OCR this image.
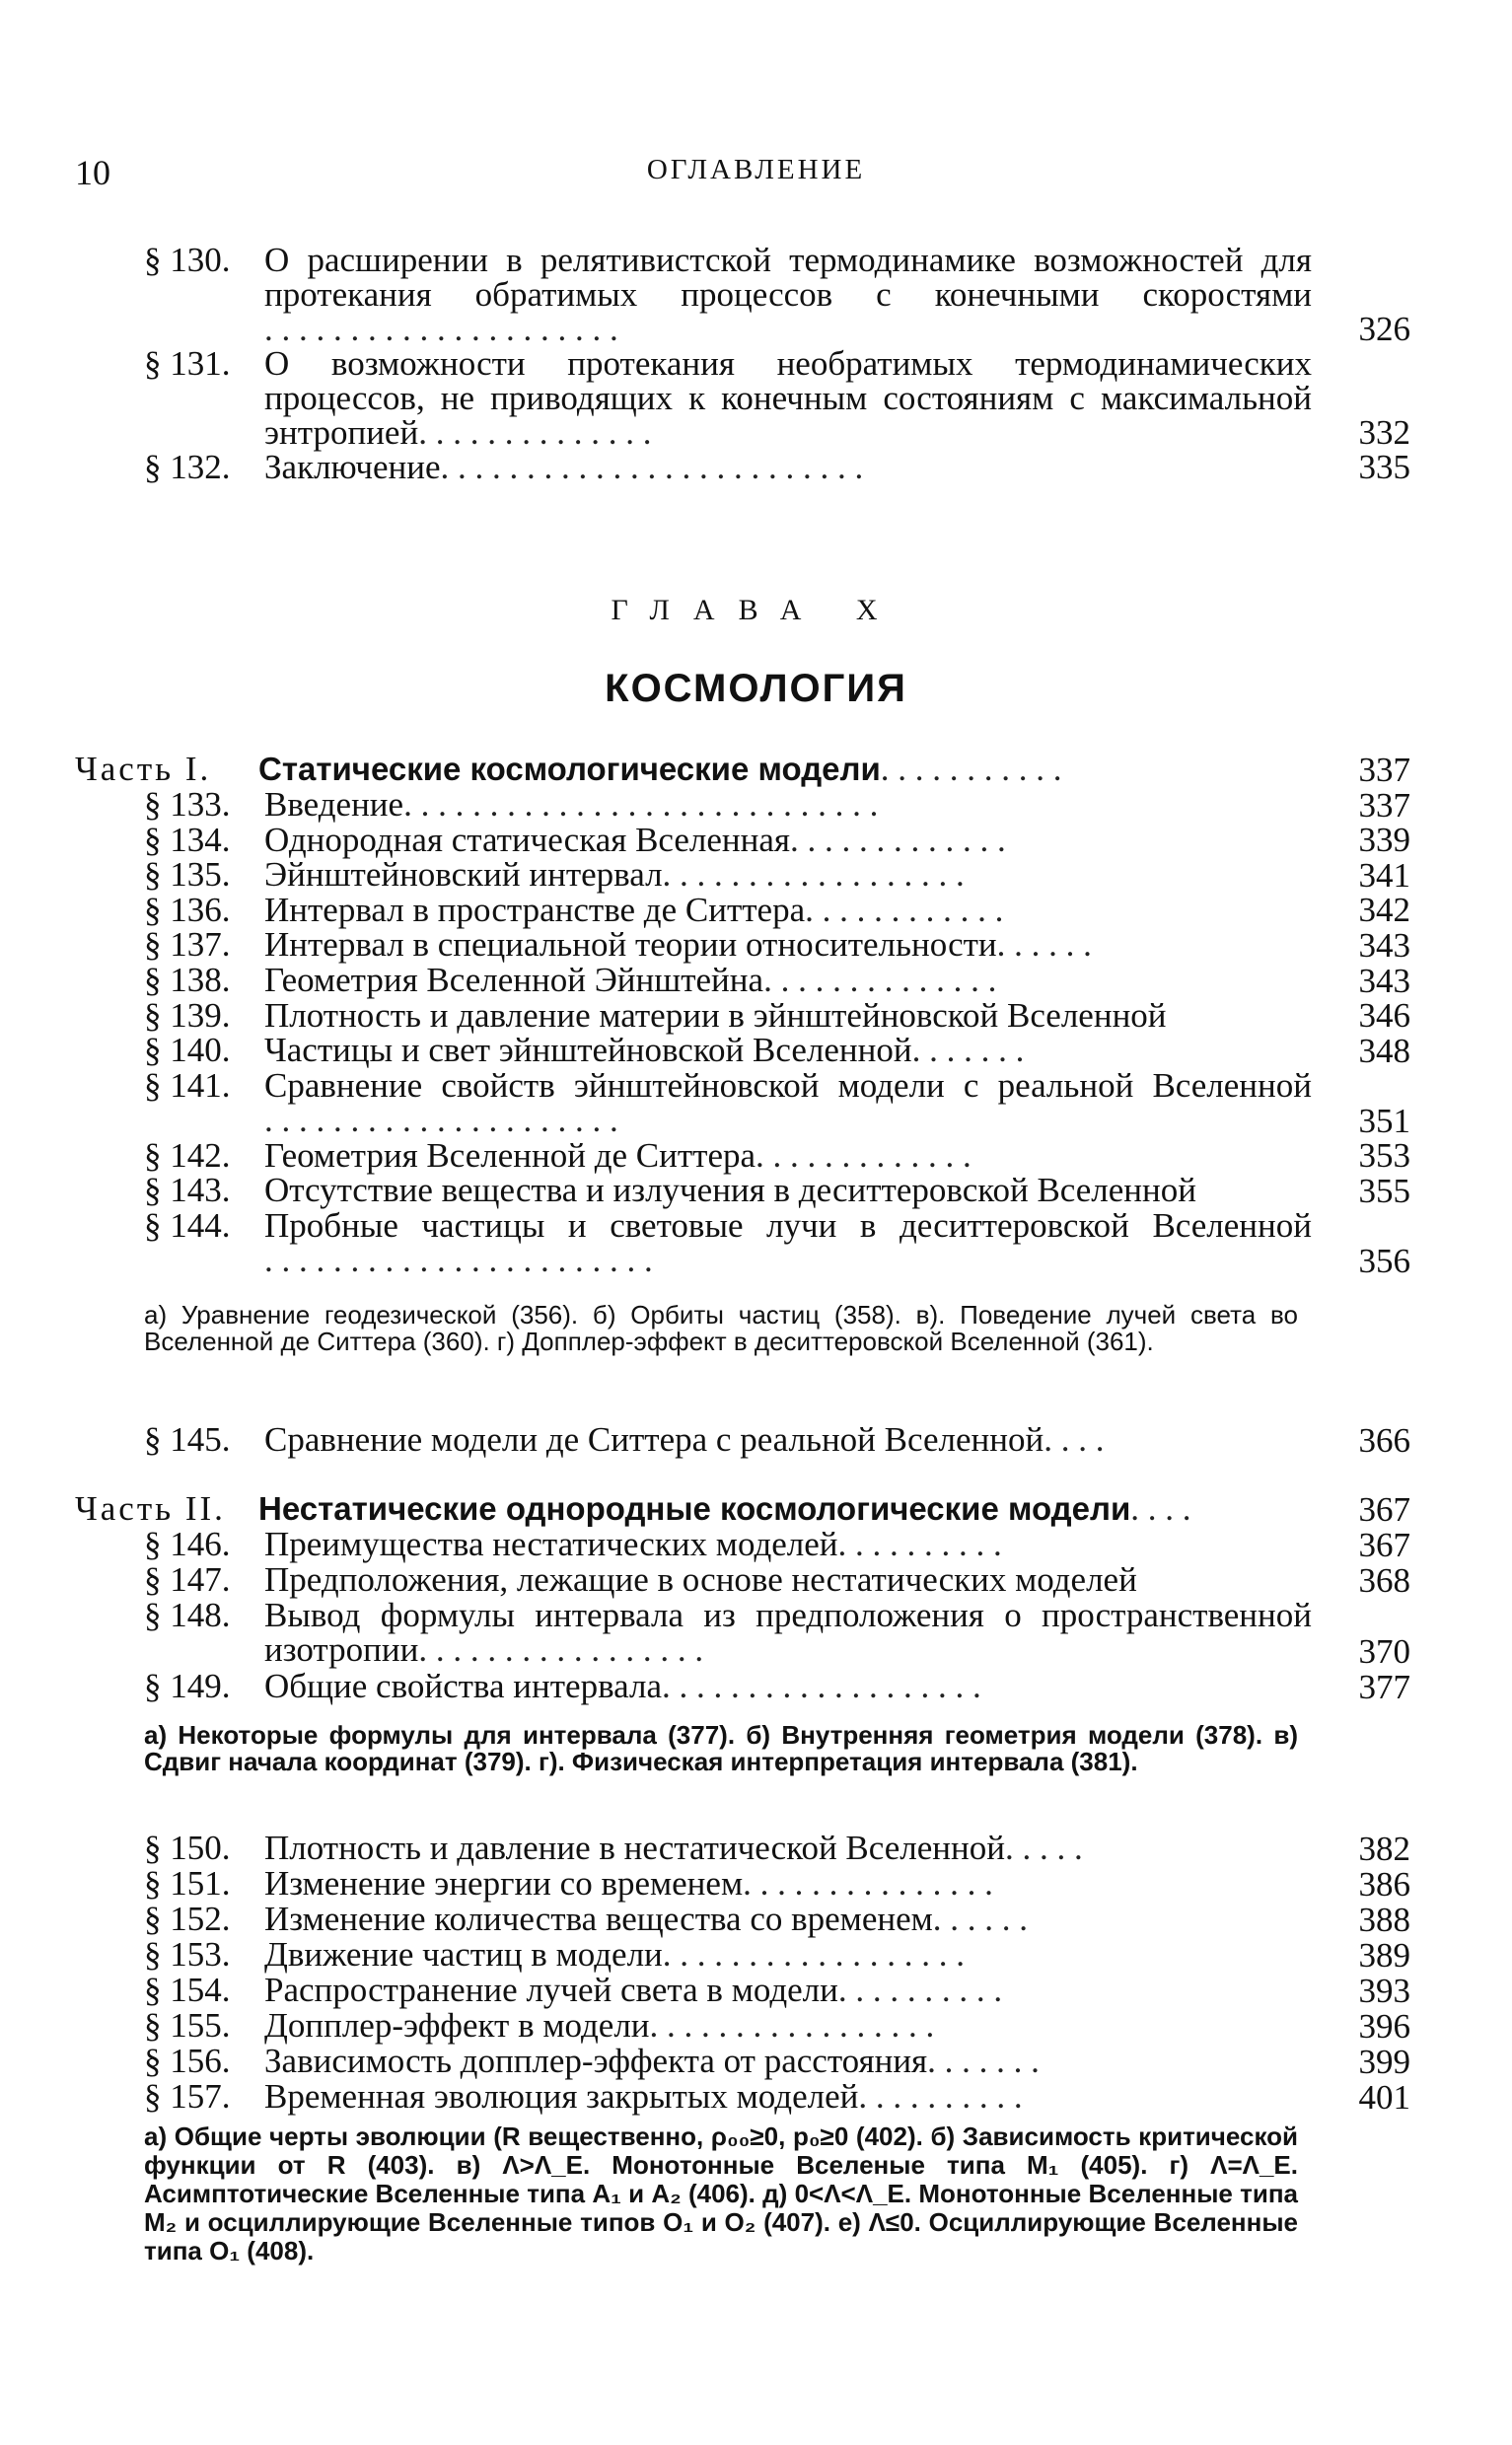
10	ОГЛАВЛЕНИЕ
§ 130. О расширении в релятивистской термодинамике возможностей для протекания обратимых процессов с конечными скоростями. . . . . . . . . . . . . . . . . . . . .	326
§ 131. О возможности протекания необратимых термодинамических процессов, не приводящих к конечным состояниям с максимальной энтропией. . . . . . . . . . . . . .	332
§ 132. Заключение. . . . . . . . . . . . . . . . . . . . . . . . .	335
ГЛАВА X
КОСМОЛОГИЯ
Часть I. Статические космологические модели. . . . . . . . . . .	337
§ 133. Введение. . . . . . . . . . . . . . . . . . . . . . . . . . . .	337
§ 134. Однородная статическая Вселенная. . . . . . . . . . . . .	339
§ 135. Эйнштейновский интервал. . . . . . . . . . . . . . . . . .	341
§ 136. Интервал в пространстве де Ситтера. . . . . . . . . . . .	342
§ 137. Интервал в специальной теории относительности. . . . . .	343
§ 138. Геометрия Вселенной Эйнштейна. . . . . . . . . . . . . .	343
§ 139. Плотность и давление материи в эйнштейновской Вселенной	346
§ 140. Частицы и свет эйнштейновской Вселенной. . . . . . .	348
§ 141. Сравнение свойств эйнштейновской модели с реальной Вселенной. . . . . . . . . . . . . . . . . . . . .	351
§ 142. Геометрия Вселенной де Ситтера. . . . . . . . . . . . .	353
§ 143. Отсутствие вещества и излучения в деситтеровской Вселенной	355
§ 144. Пробные частицы и световые лучи в деситтеровской Вселенной. . . . . . . . . . . . . . . . . . . . . . .	356
а) Уравнение геодезической (356). б) Орбиты частиц (358). в). Поведение лучей света во Вселенной де Ситтера (360). г) Допплер-эффект в деситтеровской Вселенной (361).
§ 145. Сравнение модели де Ситтера с реальной Вселенной. . . .	366
Часть II. Нестатические однородные космологические модели. . . .	367
§ 146. Преимущества нестатических моделей. . . . . . . . . .	367
§ 147. Предположения, лежащие в основе нестатических моделей	368
§ 148. Вывод формулы интервала из предположения о пространственной изотропии. . . . . . . . . . . . . . . . .	370
§ 149. Общие свойства интервала. . . . . . . . . . . . . . . . . . .	377
а) Некоторые формулы для интервала (377). б) Внутренняя геометрия модели (378). в) Сдвиг начала координат (379). г). Физическая интерпретация интервала (381).
§ 150. Плотность и давление в нестатической Вселенной. . . . .	382
§ 151. Изменение энергии со временем. . . . . . . . . . . . . . .	386
§ 152. Изменение количества вещества со временем. . . . . .	388
§ 153. Движение частиц в модели. . . . . . . . . . . . . . . . . .	389
§ 154. Распространение лучей света в модели. . . . . . . . . .	393
§ 155. Допплер-эффект в модели. . . . . . . . . . . . . . . . .	396
§ 156. Зависимость допплер-эффекта от расстояния. . . . . . .	399
§ 157. Временная эволюция закрытых моделей. . . . . . . . . .	401
а) Общие черты эволюции (R вещественно, ρ₀₀≥0, p₀≥0 (402). б) Зависимость критической функции от R (403). в) Λ>Λ_E. Монотонные Вселеные типа M₁ (405). г) Λ=Λ_E. Асимптотические Вселенные типа A₁ и A₂ (406). д) 0<Λ<Λ_E. Монотонные Вселенные типа M₂ и осциллирующие Вселенные типов O₁ и O₂ (407). е) Λ≤0. Осциллирующие Вселенные типа O₁ (408).
